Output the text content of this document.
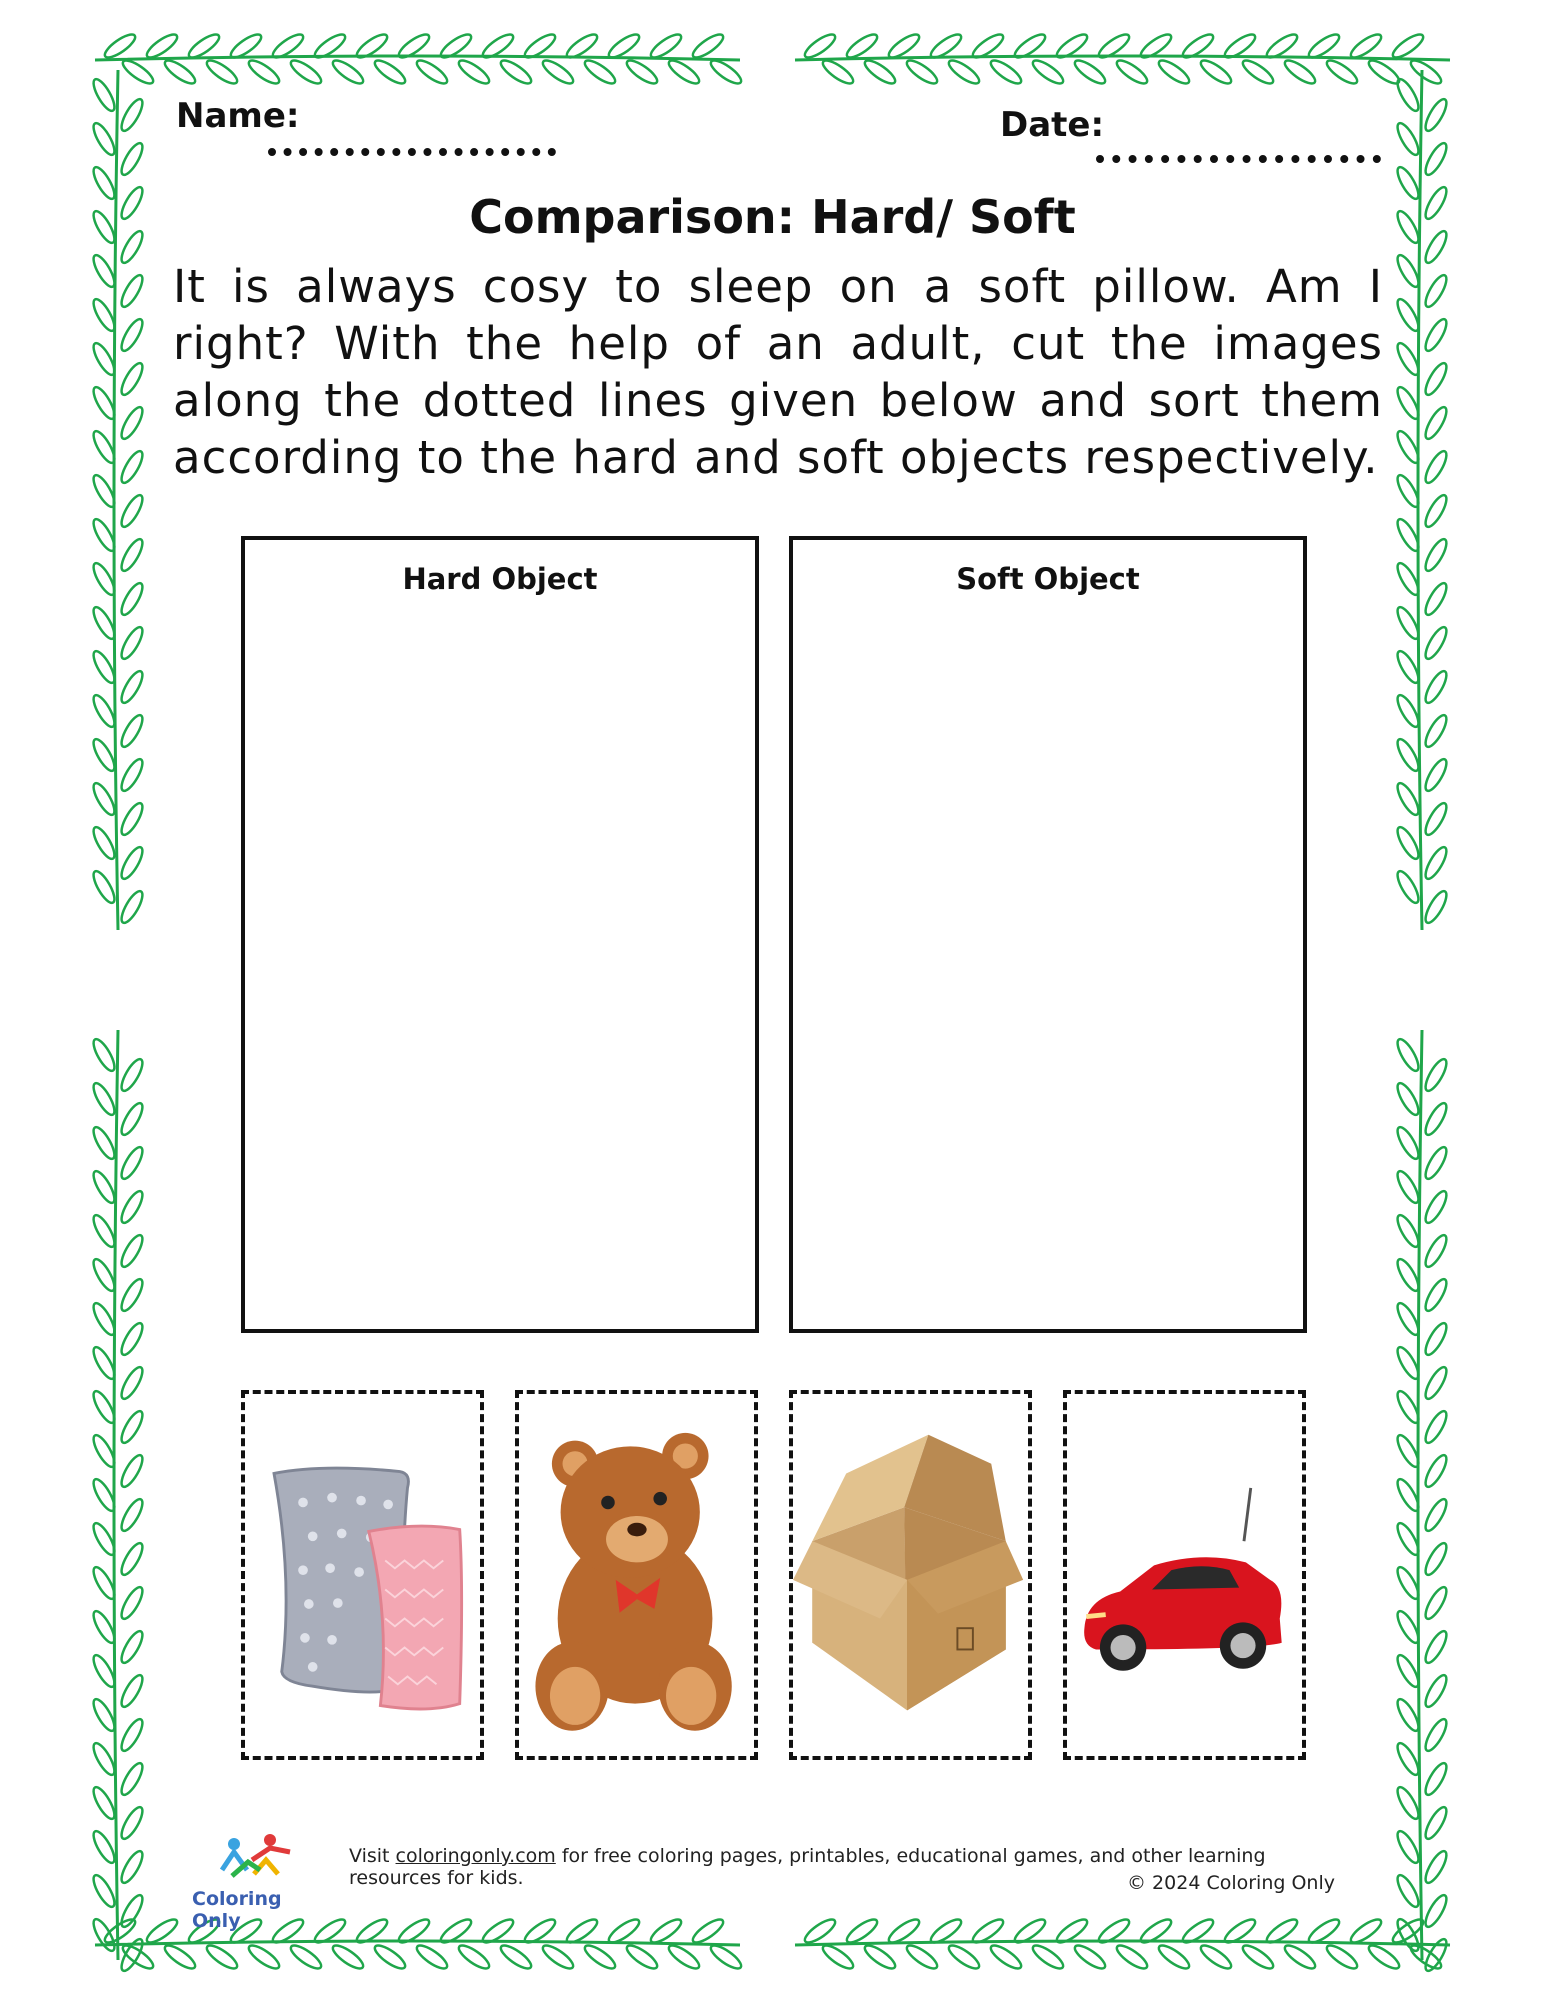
Name:	Date:
Comparison: Hard/ Soft
It is always cosy to sleep on a soft pillow. Am I right? With the help of an adult, cut the images along the dotted lines given below and sort them according to the hard and soft objects respectively.
Hard Object	Soft Object
Coloring Only
Visit coloringonly.com for free coloring pages, printables, educational games, and other learning resources for kids.	© 2024 Coloring Only
